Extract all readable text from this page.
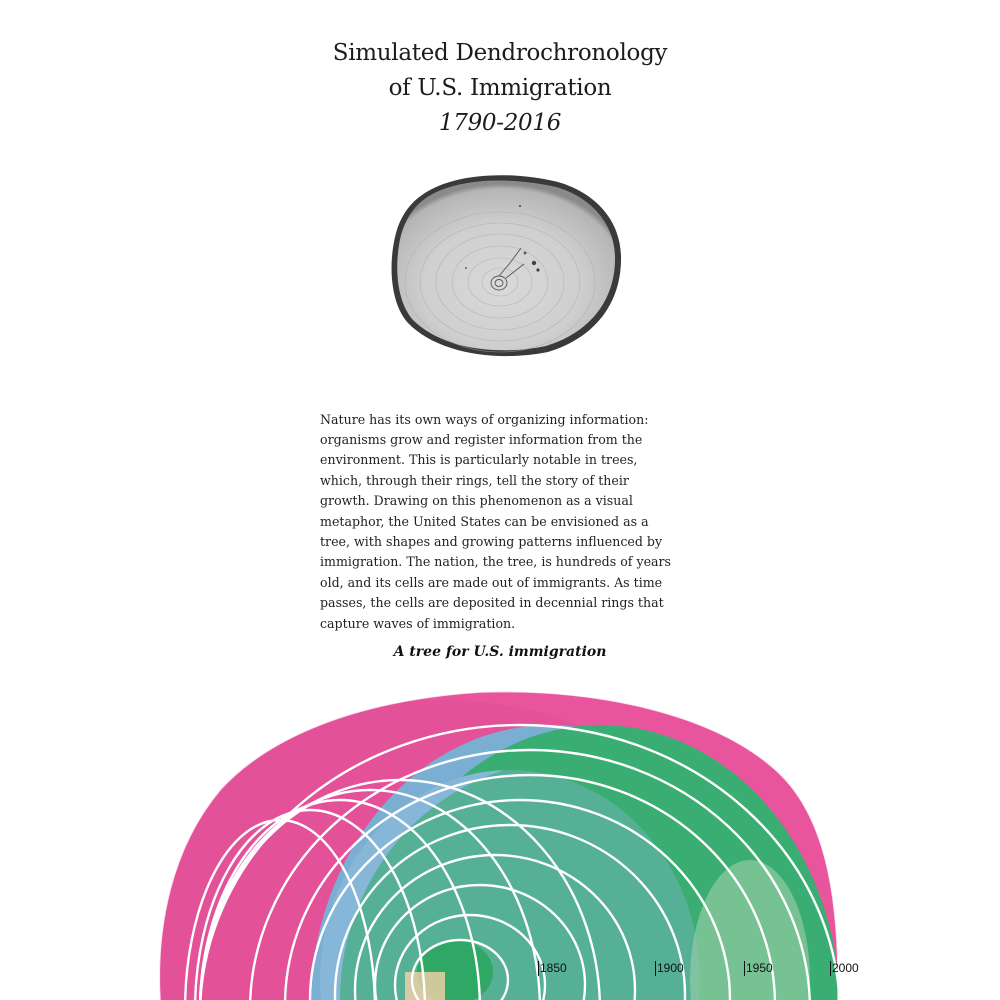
Simulated Dendrochronology
of U.S. Immigration
1790-2016

Nature has its own ways of organizing information: organisms grow and register information from the environment. This is particularly notable in trees, which, through their rings, tell the story of their growth. Drawing on this phenomenon as a visual metaphor, the United States can be envisioned as a tree, with shapes and growing patterns influenced by immigration. The nation, the tree, is hundreds of years old, and its cells are made out of immigrants. As time passes, the cells are deposited in decennial rings that capture waves of immigration.

A tree for U.S. immigration
1850	1900	1950	2000
